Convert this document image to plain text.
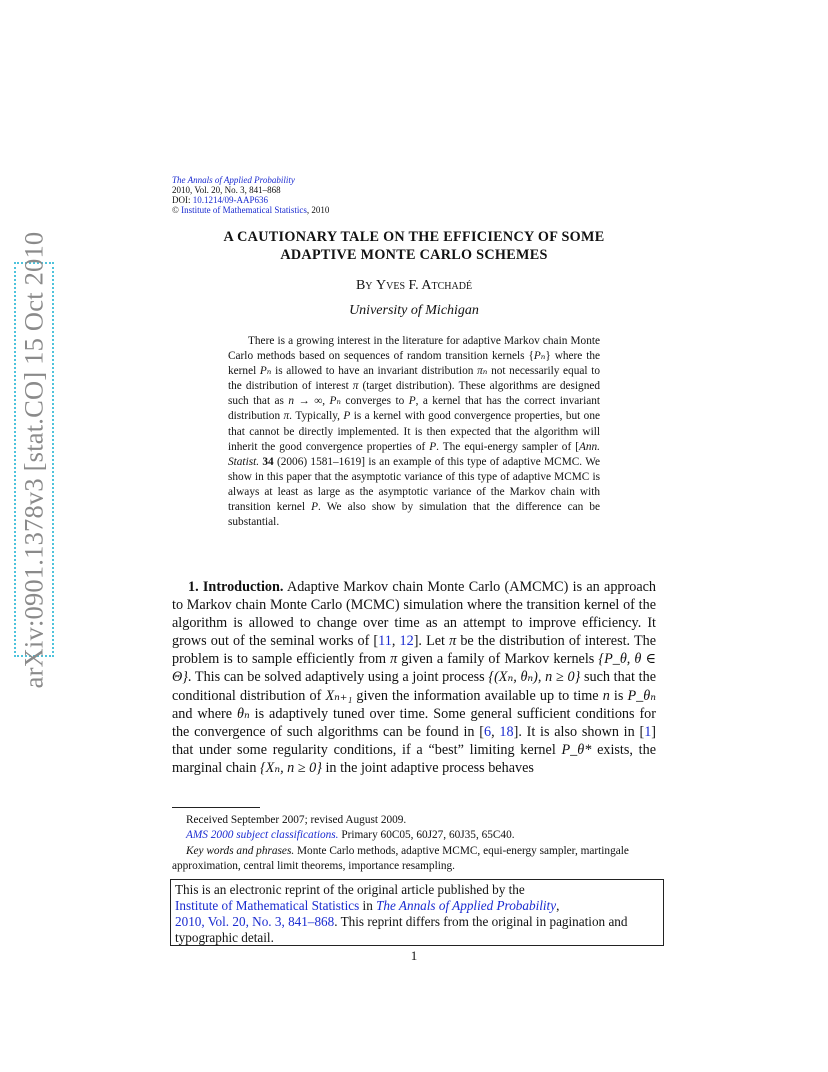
arXiv:0901.1378v3 [stat.CO] 15 Oct 2010
The Annals of Applied Probability
2010, Vol. 20, No. 3, 841–868
DOI: 10.1214/09-AAP636
© Institute of Mathematical Statistics, 2010
A CAUTIONARY TALE ON THE EFFICIENCY OF SOME
ADAPTIVE MONTE CARLO SCHEMES
By Yves F. Atchadé
University of Michigan

There is a growing interest in the literature for adaptive Markov chain Monte Carlo methods based on sequences of random transition kernels {Pₙ} where the kernel Pₙ is allowed to have an invariant distribution πₙ not necessarily equal to the distribution of interest π (target distribution). These algorithms are designed such that as n → ∞, Pₙ converges to P, a kernel that has the correct invariant distribution π. Typically, P is a kernel with good convergence properties, but one that cannot be directly implemented. It is then expected that the algorithm will inherit the good convergence properties of P. The equi-energy sampler of [Ann. Statist. 34 (2006) 1581–1619] is an example of this type of adaptive MCMC. We show in this paper that the asymptotic variance of this type of adaptive MCMC is always at least as large as the asymptotic variance of the Markov chain with transition kernel P. We also show by simulation that the difference can be substantial.

1. Introduction. Adaptive Markov chain Monte Carlo (AMCMC) is an approach to Markov chain Monte Carlo (MCMC) simulation where the transition kernel of the algorithm is allowed to change over time as an attempt to improve efficiency. It grows out of the seminal works of [11, 12]. Let π be the distribution of interest. The problem is to sample efficiently from π given a family of Markov kernels {P_θ, θ ∈ Θ}. This can be solved adaptively using a joint process {(Xₙ, θₙ), n ≥ 0} such that the conditional distribution of Xₙ₊₁ given the information available up to time n is P_θₙ and where θₙ is adaptively tuned over time. Some general sufficient conditions for the convergence of such algorithms can be found in [6, 18]. It is also shown in [1] that under some regularity conditions, if a “best” limiting kernel P_θ* exists, the marginal chain {Xₙ, n ≥ 0} in the joint adaptive process behaves

Received September 2007; revised August 2009.

AMS 2000 subject classifications. Primary 60C05, 60J27, 60J35, 65C40.

Key words and phrases. Monte Carlo methods, adaptive MCMC, equi-energy sampler, martingale approximation, central limit theorems, importance resampling.

This is an electronic reprint of the original article published by the
Institute of Mathematical Statistics in The Annals of Applied Probability,
2010, Vol. 20, No. 3, 841–868. This reprint differs from the original in pagination and typographic detail.
1
